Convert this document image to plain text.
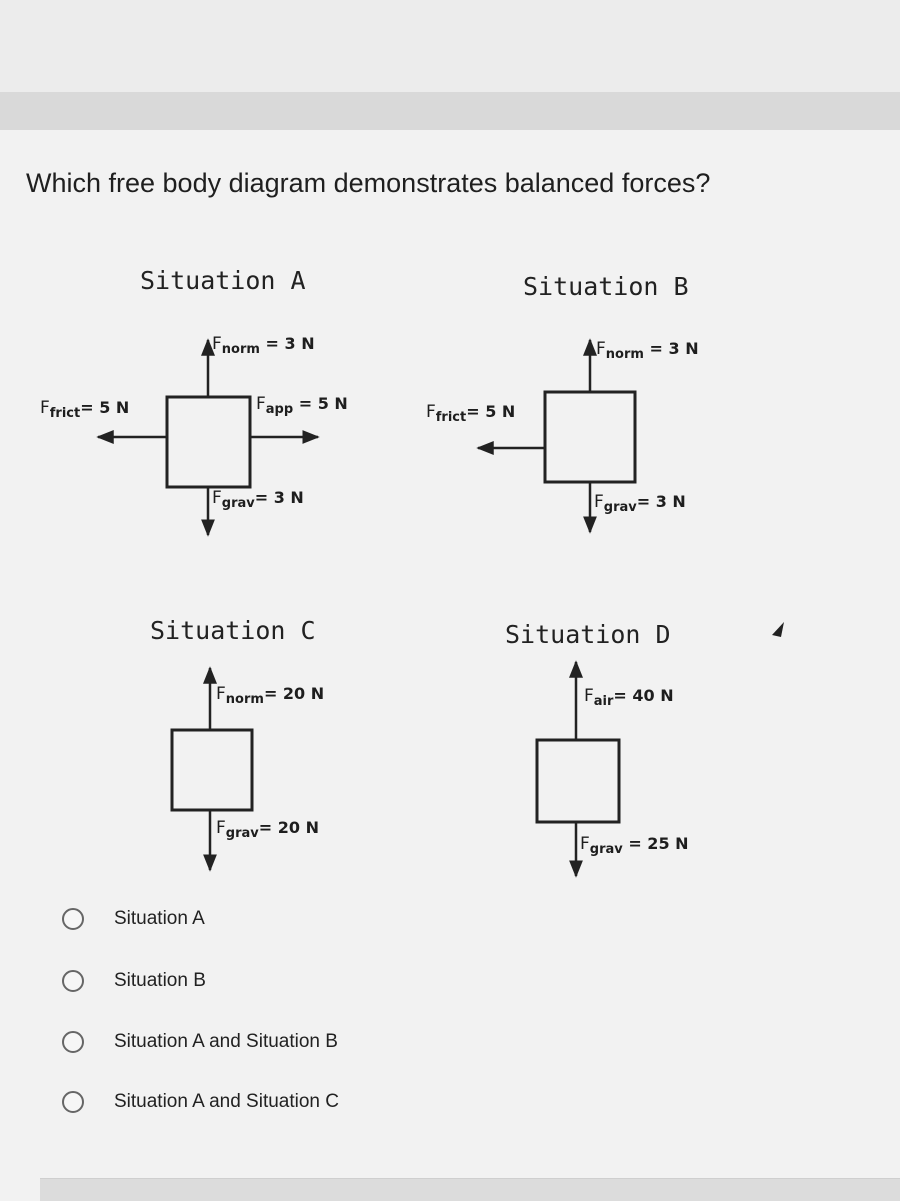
Which free body diagram demonstrates balanced forces?
Situation A	Situation B
Situation C	Situation D
$F_{norm} = 3$ N
$F_{frict}= 5$ N	$F_{app} = 5$ N
$F_{grav}= 3$ N
$F_{norm} = 3$ N
$F_{frict}= 5$ N
$F_{grav}= 3$ N
$F_{norm}= 20$ N
$F_{grav}= 20$ N
$F_{air}= 40$ N
$F_{grav} = 25$ N
Situation A
Situation B
Situation A and Situation B
Situation A and Situation C
